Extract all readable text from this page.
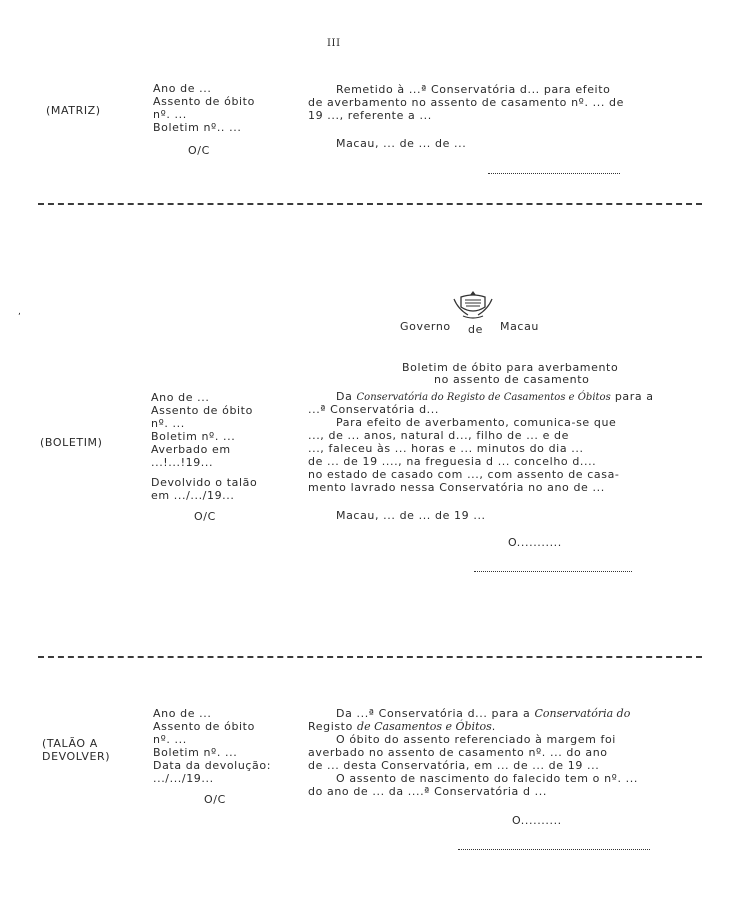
III
(MATRIZ)
Ano de ...
Assento de óbito
nº. ...
Boletim nº.. ...
O/C
Remetido à ...ª Conservatória d... para efeito
de averbamento no assento de casamento nº. ... de
19 ..., referente a ...
Macau, ... de ... de ...
,
Governo de Macau
Boletim de óbito para averbamento
no assento de casamento
(BOLETIM)
Ano de ...
Assento de óbito
nº. ...
Boletim nº. ...
Averbado em
...!...!19...
Devolvido o talão
em .../.../19...
O/C
Da Conservatória do Registo de Casamentos e Óbitos para a
...ª Conservatória d...
Para efeito de averbamento, comunica-se que
..., de ... anos, natural d..., filho de ... e de
..., faleceu às ... horas e ... minutos do dia ...
de ... de 19 ...., na freguesia d ... concelho d....
no estado de casado com ..., com assento de casa-
mento lavrado nessa Conservatória no ano de ...
Macau, ... de ... de 19 ...
O...........
(TALÃO A
DEVOLVER)
Ano de ...
Assento de óbito
nº. ...
Boletim nº. ...
Data da devolução:
.../.../19...
O/C
Da ...ª Conservatória d... para a Conservatória do
Registo de Casamentos e Óbitos.
O óbito do assento referenciado à margem foi
averbado no assento de casamento nº. ... do ano
de ... desta Conservatória, em ... de ... de 19 ...
O assento de nascimento do falecido tem o nº. ...
do ano de ... da ....ª Conservatória d ...
O..........
